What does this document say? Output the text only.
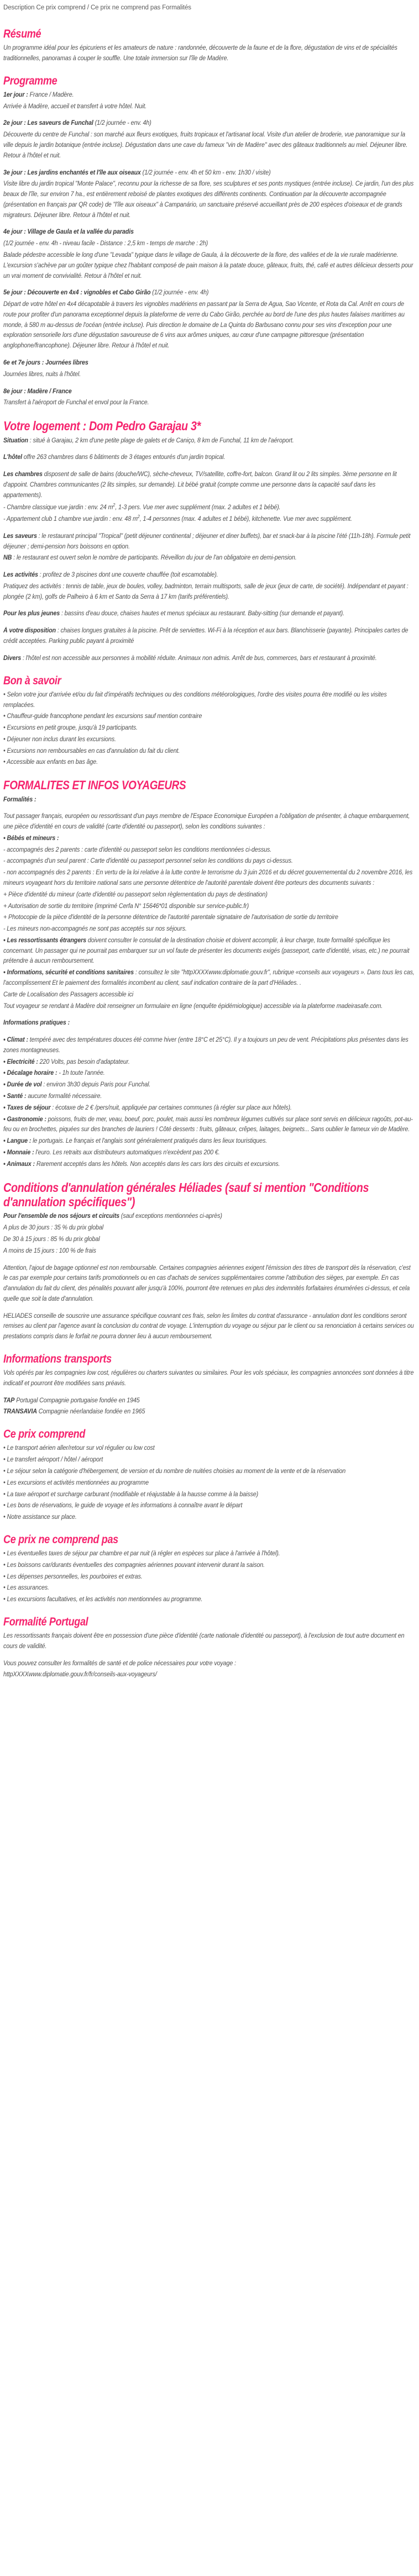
Description Ce prix comprend / Ce prix ne comprend pas Formalités
Résumé

Un programme idéal pour les épicuriens et les amateurs de nature : randonnée, découverte de la faune et de la flore, dégustation de vins et de spécialités traditionnelles, panoramas à couper le souffle. Une totale immersion sur l'île de Madère.

Programme

1er jour : France / Madère.

Arrivée à Madère, accueil et transfert à votre hôtel. Nuit.

2e jour : Les saveurs de Funchal (1/2 journée - env. 4h)

Découverte du centre de Funchal : son marché aux fleurs exotiques, fruits tropicaux et l'artisanat local. Visite d'un atelier de broderie, vue panoramique sur la ville depuis le jardin botanique (entrée incluse). Dégustation dans une cave du fameux "vin de Madère" avec des gâteaux traditionnels au miel. Déjeuner libre. Retour à l'hôtel et nuit.

3e jour : Les jardins enchantés et l'île aux oiseaux (1/2 journée - env. 4h et 50 km - env. 1h30 / visite)

Visite libre du jardin tropical "Monte Palace", reconnu pour la richesse de sa flore, ses sculptures et ses ponts mystiques (entrée incluse). Ce jardin, l'un des plus beaux de l'île, sur environ 7 ha., est entièrement reboisé de plantes exotiques des différents continents. Continuation par la découverte accompagnée (présentation en français par QR code) de "l'île aux oiseaux" à Campanário, un sanctuaire préservé accueillant près de 200 espèces d'oiseaux et de grands migrateurs. Déjeuner libre. Retour à l'hôtel et nuit.

4e jour : Village de Gaula et la vallée du paradis

(1/2 journée - env. 4h - niveau facile - Distance : 2,5 km - temps de marche : 2h)

Balade pédestre accessible le long d'une "Levada" typique dans le village de Gaula, à la découverte de la flore, des vallées et de la vie rurale madérienne. L'excursion s'achève par un goûter typique chez l'habitant composé de pain maison à la patate douce, gâteaux, fruits, thé, café et autres délicieux desserts pour un vrai moment de convivialité. Retour à l'hôtel et nuit.

5e jour : Découverte en 4x4 : vignobles et Cabo Girão (1/2 journée - env. 4h)

Départ de votre hôtel en 4x4 décapotable à travers les vignobles madériens en passant par la Serra de Agua, Sao Vicente, et Rota da Cal. Arrêt en cours de route pour profiter d'un panorama exceptionnel depuis la plateforme de verre du Cabo Girão, perchée au bord de l'une des plus hautes falaises maritimes au monde, à 580 m au-dessus de l'océan (entrée incluse). Puis direction le domaine de La Quinta do Barbusano connu pour ses vins d'exception pour une exploration sensorielle lors d'une dégustation savoureuse de 6 vins aux arômes uniques, au cœur d'une campagne pittoresque (présentation anglophone/francophone). Déjeuner libre. Retour à l'hôtel et nuit.

6e et 7e jours : Journées libres

Journées libres, nuits à l'hôtel.

8e jour : Madère / France

Transfert à l'aéroport de Funchal et envol pour la France.

Votre logement : Dom Pedro Garajau 3*

Situation : situé à Garajau, 2 km d'une petite plage de galets et de Caniço, 8 km de Funchal, 11 km de l'aéroport.

L'hôtel offre 263 chambres dans 6 bâtiments de 3 étages entourés d'un jardin tropical.

Les chambres disposent de salle de bains (douche/WC), sèche-cheveux, TV/satellite, coffre-fort, balcon. Grand lit ou 2 lits simples. 3ème personne en lit d'appoint. Chambres communicantes (2 lits simples, sur demande). Lit bébé gratuit (compte comme une personne dans la capacité sauf dans les appartements).

- Chambre classique vue jardin : env. 24 $m^2$, 1-3 pers. Vue mer avec supplément (max. 2 adultes et 1 bébé).

- Appartement club 1 chambre vue jardin : env. 48 $m^2$, 1-4 personnes (max. 4 adultes et 1 bébé), kitchenette. Vue mer avec supplément.

Les saveurs : le restaurant principal "Tropical" (petit déjeuner continental ; déjeuner et diner buffets), bar et snack-bar à la piscine l'été (11h-18h). Formule petit déjeuner ; demi-pension hors boissons en option.

NB : le restaurant est ouvert selon le nombre de participants. Réveillon du jour de l'an obligatoire en demi-pension.

Les activités : profitez de 3 piscines dont une couverte chauffée (toit escamotable).

Pratiquez des activités : tennis de table, jeux de boules, volley, badminton, terrain multisports, salle de jeux (jeux de carte, de société). Indépendant et payant : plongée (2 km), golfs de Palheiro à 6 km et Santo da Serra à 17 km (tarifs préférentiels).

Pour les plus jeunes : bassins d'eau douce, chaises hautes et menus spéciaux au restaurant. Baby-sitting (sur demande et payant).

À votre disposition : chaises longues gratuites à la piscine. Prêt de serviettes. Wi-Fi à la réception et aux bars. Blanchisserie (payante). Principales cartes de crédit acceptées. Parking public payant à proximité

Divers : l'hôtel est non accessible aux personnes à mobilité réduite. Animaux non admis. Arrêt de bus, commerces, bars et restaurant à proximité.

Bon à savoir

• Selon votre jour d'arrivée et/ou du fait d'impératifs techniques ou des conditions météorologiques, l'ordre des visites pourra être modifié ou les visites remplacées.

• Chauffeur-guide francophone pendant les excursions sauf mention contraire

• Excursions en petit groupe, jusqu'à 19 participants.

• Déjeuner non inclus durant les excursions.

• Excursions non remboursables en cas d'annulation du fait du client.

• Accessible aux enfants en bas âge.

FORMALITES ET INFOS VOYAGEURS

Formalités :

Tout passager français, européen ou ressortissant d'un pays membre de l'Espace Economique Européen a l'obligation de présenter, à chaque embarquement, une pièce d'identité en cours de validité (carte d'identité ou passeport), selon les conditions suivantes :

• Bébés et mineurs :

- accompagnés des 2 parents : carte d'identité ou passeport selon les conditions mentionnées ci-dessus.

- accompagnés d'un seul parent : Carte d'identité ou passeport personnel selon les conditions du pays ci-dessus.

- non accompagnés des 2 parents : En vertu de la loi relative à la lutte contre le terrorisme du 3 juin 2016 et du décret gouvernemental du 2 novembre 2016, les mineurs voyageant hors du territoire national sans une personne détentrice de l'autorité parentale doivent être porteurs des documents suivants :

+ Pièce d'identité du mineur (carte d'identité ou passeport selon règlementation du pays de destination)

+ Autorisation de sortie du territoire (imprimé Cerfa N° 15646*01 disponible sur service-public.fr)

+ Photocopie de la pièce d'identité de la personne détentrice de l'autorité parentale signataire de l'autorisation de sortie du territoire

- Les mineurs non-accompagnés ne sont pas acceptés sur nos séjours.

• Les ressortissants étrangers doivent consulter le consulat de la destination choisie et doivent accomplir, à leur charge, toute formalité spécifique les concernant. Un passager qui ne pourrait pas embarquer sur un vol faute de présenter les documents exigés (passeport, carte d'identité, visas, etc.) ne pourrait prétendre à aucun remboursement.

• Informations, sécurité et conditions sanitaires : consultez le site "httpXXXXwww.diplomatie.gouv.fr", rubrique «conseils aux voyageurs ». Dans tous les cas, l'accomplissement Et le paiement des formalités incombent au client, sauf indication contraire de la part d'Héliades. .

Carte de Localisation des Passagers accessible ici

Tout voyageur se rendant à Madère doit renseigner un formulaire en ligne (enquête épidémiologique) accessible via la plateforme madeirasafe.com.

Informations pratiques :

• Climat : tempéré avec des températures douces été comme hiver (entre 18°C et 25°C). Il y a toujours un peu de vent. Précipitations plus présentes dans les zones montagneuses.

• Electricité : 220 Volts, pas besoin d'adaptateur.

• Décalage horaire : - 1h toute l'année.

• Durée de vol : environ 3h30 depuis Paris pour Funchal.

• Santé : aucune formalité nécessaire.

• Taxes de séjour : écotaxe de 2 € /pers/nuit, appliquée par certaines communes (à régler sur place aux hôtels).

• Gastronomie : poissons, fruits de mer, veau, boeuf, porc, poulet, mais aussi les nombreux légumes cultivés sur place sont servis en délicieux ragoûts, pot-au-feu ou en brochettes, piquées sur des branches de lauriers ! Côté desserts : fruits, gâteaux, crêpes, laitages, beignets... Sans oublier le fameux vin de Madère.

• Langue : le portugais. Le français et l'anglais sont généralement pratiqués dans les lieux touristiques.

• Monnaie : l'euro. Les retraits aux distributeurs automatiques n'excèdent pas 200 €.

• Animaux : Rarement acceptés dans les hôtels. Non acceptés dans les cars lors des circuits et excursions.

Conditions d'annulation générales Héliades (sauf si mention "Conditions d'annulation spécifiques")

Pour l'ensemble de nos séjours et circuits (sauf exceptions mentionnées ci-après)

A plus de 30 jours : 35 % du prix global

De 30 à 15 jours : 85 % du prix global

A moins de 15 jours : 100 % de frais

Attention, l'ajout de bagage optionnel est non remboursable. Certaines compagnies aériennes exigent l'émission des titres de transport dès la réservation, c'est le cas par exemple pour certains tarifs promotionnels ou en cas d'achats de services supplémentaires comme l'attribution des sièges, par exemple. En cas d'annulation du fait du client, des pénalités pouvant aller jusqu'à 100%, pourront être retenues en plus des indemnités forfaitaires énumérées ci-dessus, et cela quelle que soit la date d'annulation.

HELIADES conseille de souscrire une assurance spécifique couvrant ces frais, selon les limites du contrat d'assurance - annulation dont les conditions seront remises au client par l'agence avant la conclusion du contrat de voyage. L'interruption du voyage ou séjour par le client ou sa renonciation à certains services ou prestations compris dans le forfait ne pourra donner lieu à aucun remboursement.

Informations transports

Vols opérés par les compagnies low cost, régulières ou charters suivantes ou similaires. Pour les vols spéciaux, les compagnies annoncées sont données à titre indicatif et pourront être modifiées sans préavis.

TAP Portugal Compagnie portugaise fondée en 1945

TRANSAVIA Compagnie néerlandaise fondée en 1965

Ce prix comprend

• Le transport aérien aller/retour sur vol régulier ou low cost

• Le transfert aéroport / hôtel / aéroport

• Le séjour selon la catégorie d'hébergement, de version et du nombre de nuitées choisies au moment de la vente et de la réservation

• Les excursions et activités mentionnées au programme

• La taxe aéroport et surcharge carburant (modifiable et réajustable à la hausse comme à la baisse)

• Les bons de réservations, le guide de voyage et les informations à connaître avant le départ

• Notre assistance sur place.

Ce prix ne comprend pas

• Les éventuelles taxes de séjour par chambre et par nuit (à régler en espèces sur place à l'arrivée à l'hôtel).

• Les boissons car/durants éventuelles des compagnies aériennes pouvant intervenir durant la saison.

• Les dépenses personnelles, les pourboires et extras.

• Les assurances.

• Les excursions facultatives, et les activités non mentionnées au programme.

Formalité Portugal

Les ressortissants français doivent être en possession d'une pièce d'identité (carte nationale d'identité ou passeport), à l'exclusion de tout autre document en cours de validité.

Vous pouvez consulter les formalités de santé et de police nécessaires pour votre voyage :

httpXXXXwww.diplomatie.gouv.fr/fr/conseils-aux-voyageurs/
